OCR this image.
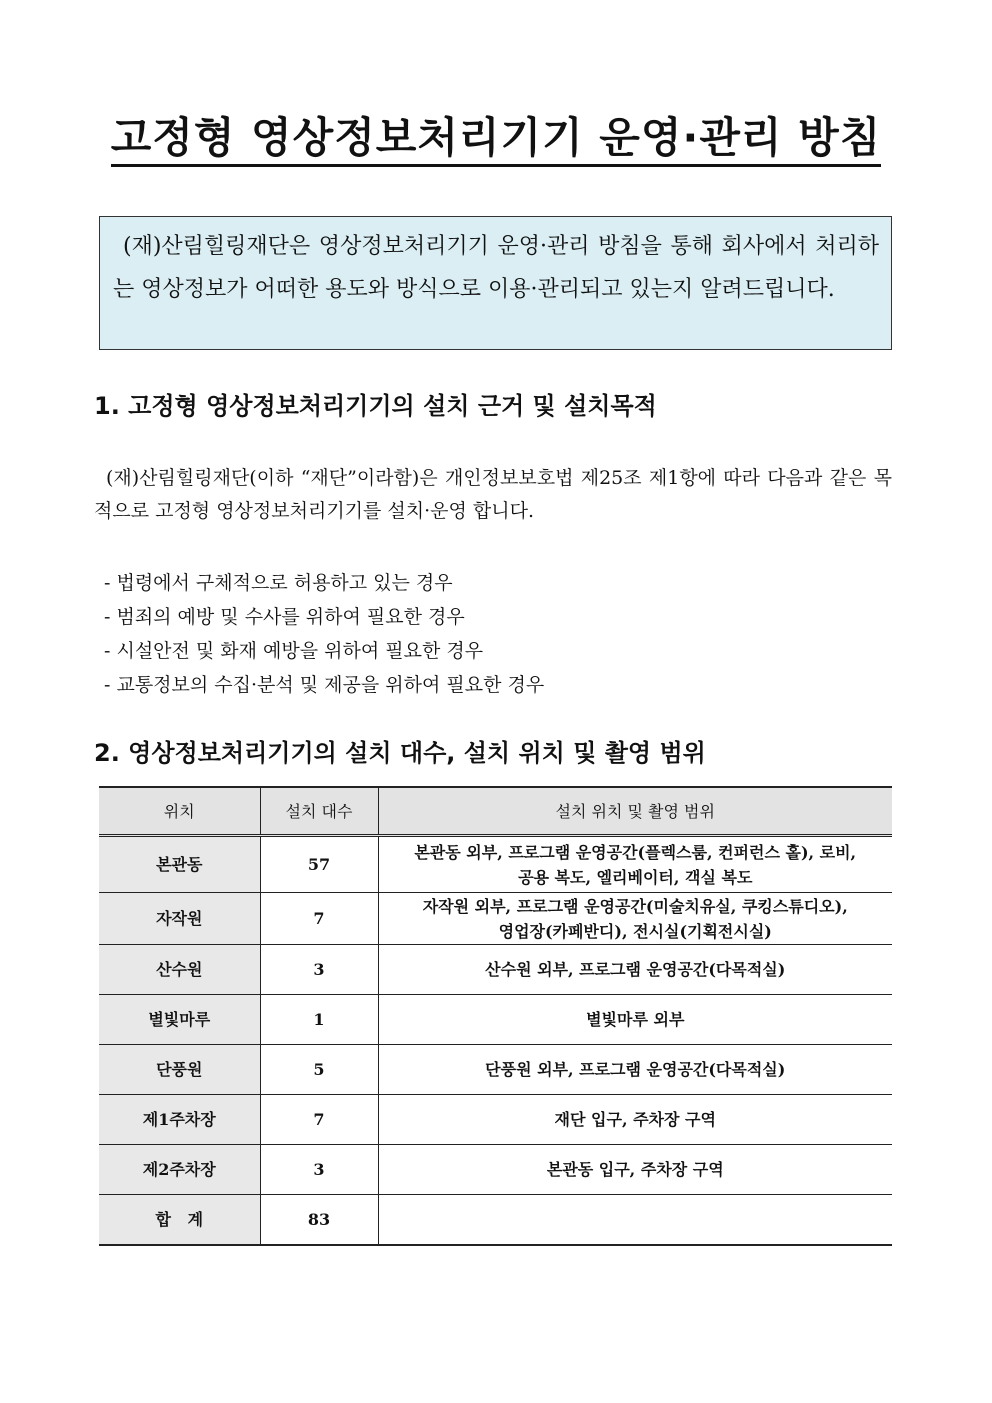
고정형 영상정보처리기기 운영·관리 방침

(재)산림힐링재단은 영상정보처리기기 운영·관리 방침을 통해 회사에서 처리하는 영상정보가 어떠한 용도와 방식으로 이용·관리되고 있는지 알려드립니다.

1. 고정형 영상정보처리기기의 설치 근거 및 설치목적

(재)산림힐링재단(이하 “재단”이라함)은 개인정보보호법 제25조 제1항에 따라 다음과 같은 목적으로 고정형 영상정보처리기기를 설치·운영 합니다.

- 법령에서 구체적으로 허용하고 있는 경우
- 범죄의 예방 및 수사를 위하여 필요한 경우
- 시설안전 및 화재 예방을 위하여 필요한 경우
- 교통정보의 수집·분석 및 제공을 위하여 필요한 경우
2. 영상정보처리기기의 설치 대수, 설치 위치 및 촬영 범위
위치	설치 대수	설치 위치 및 촬영 범위
본관동	57	본관동 외부, 프로그램 운영공간(플렉스룸, 컨퍼런스 홀), 로비,
공용 복도, 엘리베이터, 객실 복도

자작원	7	자작원 외부, 프로그램 운영공간(미술치유실, 쿠킹스튜디오),
영업장(카페반디), 전시실(기획전시실)

산수원	3	산수원 외부, 프로그램 운영공간(다목적실)
별빛마루	1	별빛마루 외부
단풍원	5	단풍원 외부, 프로그램 운영공간(다목적실)
제1주차장	7	재단 입구, 주차장 구역
제2주차장	3	본관동 입구, 주차장 구역
합   계	83	
